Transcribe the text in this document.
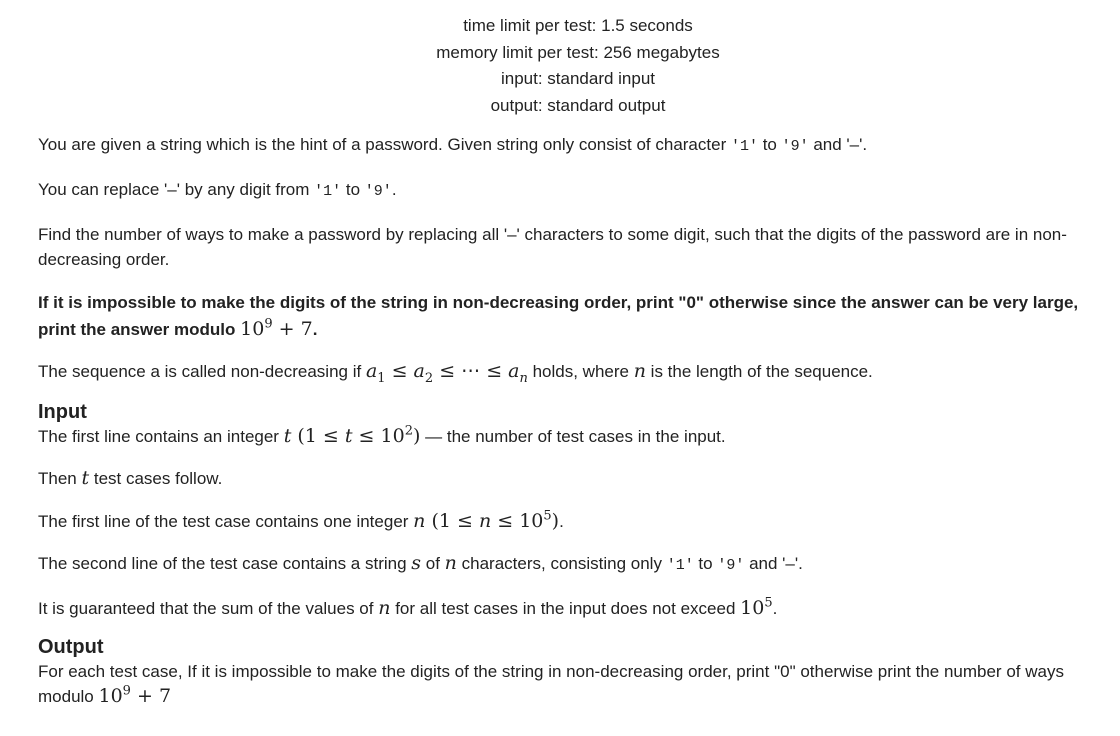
time limit per test: 1.5 seconds
memory limit per test: 256 megabytes
input: standard input
output: standard output

You are given a string which is the hint of a password. Given string only consist of character '1' to '9' and '–'.

You can replace '–' by any digit from '1' to '9'.

Find the number of ways to make a password by replacing all '–' characters to some digit, such that the digits of the password are in non-decreasing order.

If it is impossible to make the digits of the string in non-decreasing order, print "0" otherwise since the answer can be very large, print the answer modulo $10^9 + 7$.

The sequence a is called non-decreasing if $a_1 \le a_2$ ≤ ⋯ ≤ $a_n$ holds, where n is the length of the sequence.

Input

The first line contains an integer t $(1 \le t \le 10^2)$ — the number of test cases in the input.

Then t test cases follow.

The first line of the test case contains one integer n $(1 \le n \le 10^5)$.

The second line of the test case contains a string s of n characters, consisting only '1' to '9' and '–'.

It is guaranteed that the sum of the values of n for all test cases in the input does not exceed $10^5$.

Output

For each test case, If it is impossible to make the digits of the string in non-decreasing order, print "0" otherwise print the number of ways modulo $10^9 + 7$
